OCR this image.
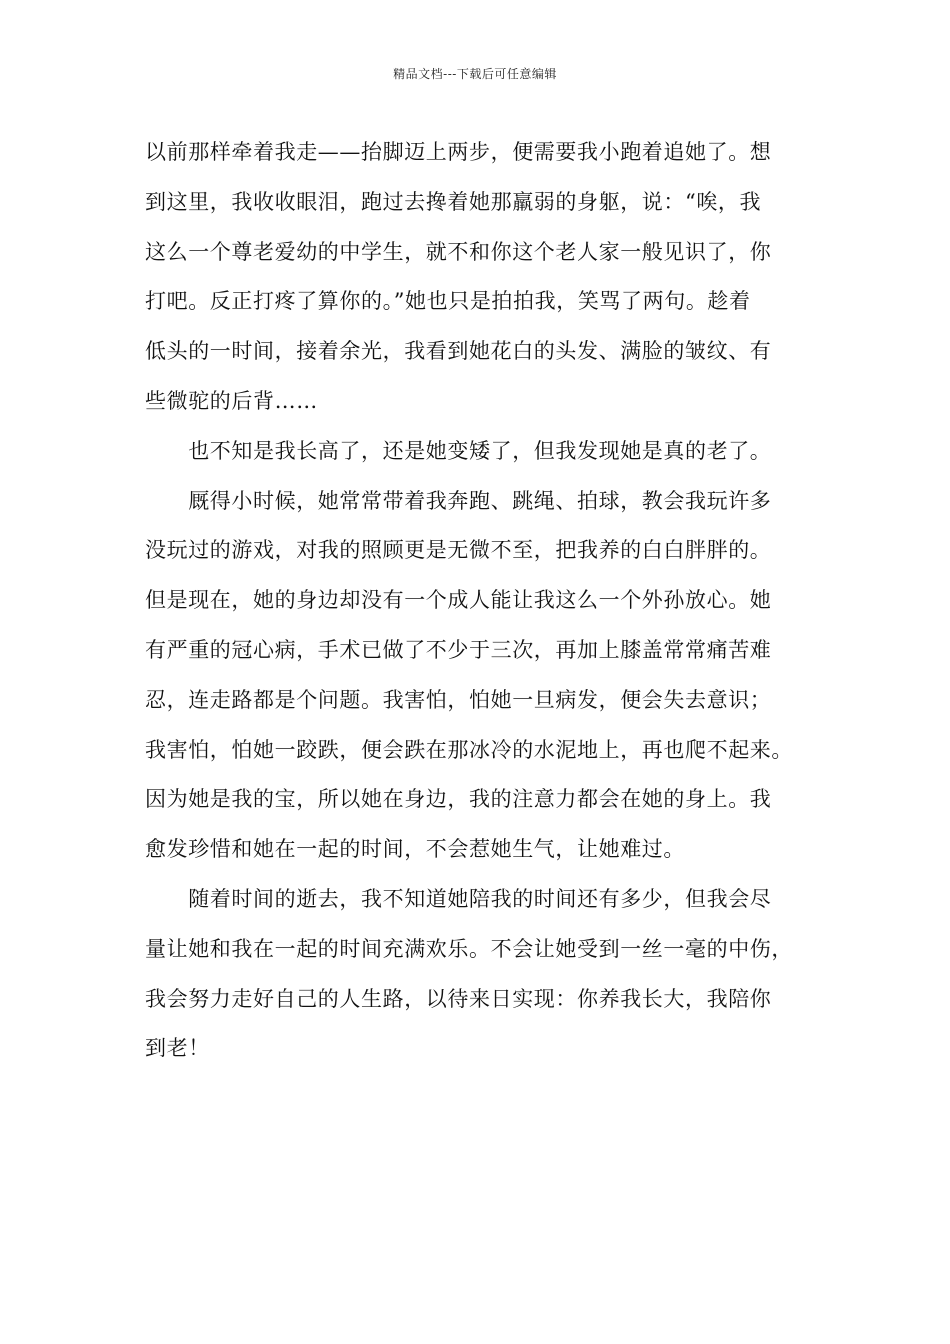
精品文档---下载后可任意编辑
以前那样牵着我走——抬脚迈上两步，便需要我小跑着追她了。想
到这里，我收收眼泪，跑过去搀着她那羸弱的身躯，说：“唉，我
这么一个尊老爱幼的中学生，就不和你这个老人家一般见识了，你
打吧。反正打疼了算你的。”她也只是拍拍我，笑骂了两句。趁着
低头的一时间，接着余光，我看到她花白的头发、满脸的皱纹、有
些微驼的后背……
　　也不知是我长高了，还是她变矮了，但我发现她是真的老了。
　　厩得小时候，她常常带着我奔跑、跳绳、拍球，教会我玩许多
没玩过的游戏，对我的照顾更是无微不至，把我养的白白胖胖的。
但是现在，她的身边却没有一个成人能让我这么一个外孙放心。她
有严重的冠心病，手术已做了不少于三次，再加上膝盖常常痛苦难
忍，连走路都是个问题。我害怕，怕她一旦病发，便会失去意识；
我害怕，怕她一跤跌，便会跌在那冰冷的水泥地上，再也爬不起来。
因为她是我的宝，所以她在身边，我的注意力都会在她的身上。我
愈发珍惜和她在一起的时间，不会惹她生气，让她难过。
　　随着时间的逝去，我不知道她陪我的时间还有多少，但我会尽
量让她和我在一起的时间充满欢乐。不会让她受到一丝一毫的中伤，
我会努力走好自己的人生路，以待来日实现：你养我长大，我陪你
到老！
